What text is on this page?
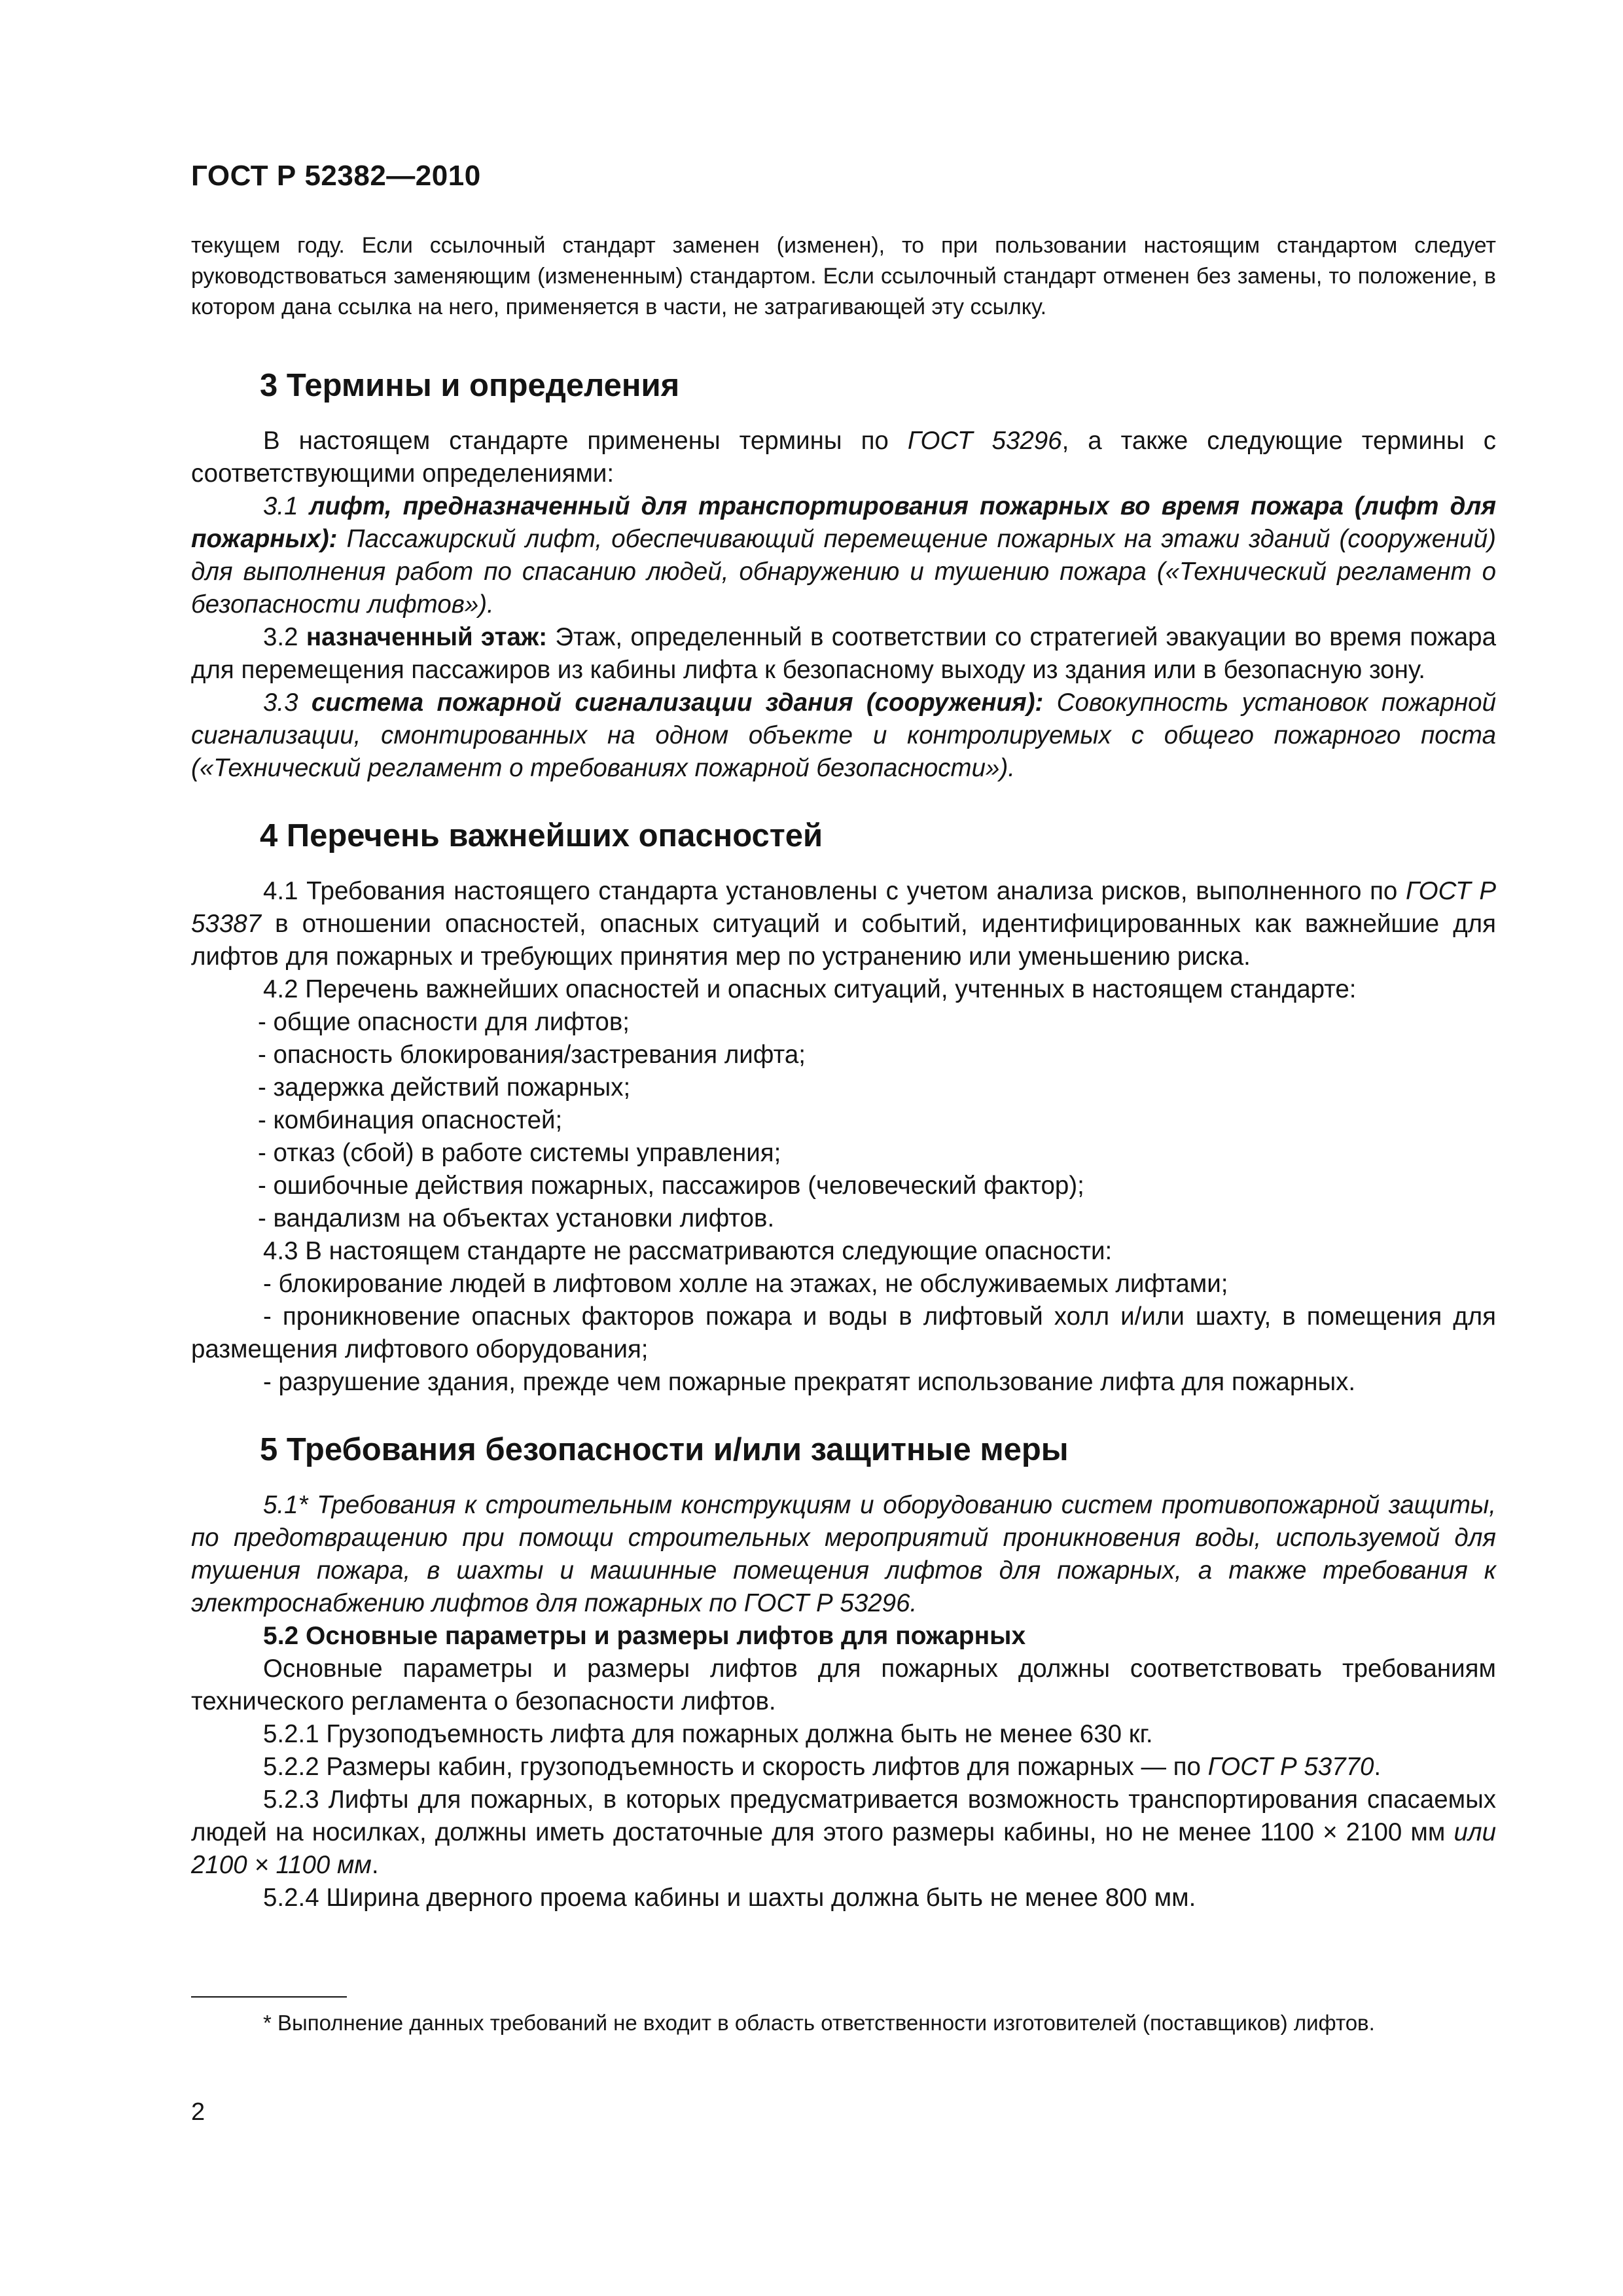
ГОСТ Р 52382—2010

текущем году. Если ссылочный стандарт заменен (изменен), то при пользовании настоящим стандартом следует руководствоваться заменяющим (измененным) стандартом. Если ссылочный стандарт отменен без замены, то положение, в котором дана ссылка на него, применяется в части, не затрагивающей эту ссылку.

3 Термины и определения

В настоящем стандарте применены термины по ГОСТ 53296, а также следующие термины с соответствующими определениями:

3.1 лифт, предназначенный для транспортирования пожарных во время пожара (лифт для пожарных): Пассажирский лифт, обеспечивающий перемещение пожарных на этажи зданий (сооружений) для выполнения работ по спасанию людей, обнаружению и тушению пожара («Технический регламент о безопасности лифтов»).

3.2 назначенный этаж: Этаж, определенный в соответствии со стратегией эвакуации во время пожара для перемещения пассажиров из кабины лифта к безопасному выходу из здания или в безопасную зону.

3.3 система пожарной сигнализации здания (сооружения): Совокупность установок пожарной сигнализации, смонтированных на одном объекте и контролируемых с общего пожарного поста («Технический регламент о требованиях пожарной безопасности»).

4 Перечень важнейших опасностей

4.1 Требования настоящего стандарта установлены с учетом анализа рисков, выполненного по ГОСТ Р 53387 в отношении опасностей, опасных ситуаций и событий, идентифицированных как важнейшие для лифтов для пожарных и требующих принятия мер по устранению или уменьшению риска.

4.2 Перечень важнейших опасностей и опасных ситуаций, учтенных в настоящем стандарте:

- общие опасности для лифтов;

- опасность блокирования/застревания лифта;

- задержка действий пожарных;

- комбинация опасностей;

- отказ (сбой) в работе системы управления;

- ошибочные действия пожарных, пассажиров (человеческий фактор);

- вандализм на объектах установки лифтов.

4.3 В настоящем стандарте не рассматриваются следующие опасности:

- блокирование людей в лифтовом холле на этажах, не обслуживаемых лифтами;

- проникновение опасных факторов пожара и воды в лифтовый холл и/или шахту, в помещения для размещения лифтового оборудования;

- разрушение здания, прежде чем пожарные прекратят использование лифта для пожарных.

5 Требования безопасности и/или защитные меры

5.1* Требования к строительным конструкциям и оборудованию систем противопожарной защиты, по предотвращению при помощи строительных мероприятий проникновения воды, используемой для тушения пожара, в шахты и машинные помещения лифтов для пожарных, а также требования к электроснабжению лифтов для пожарных по ГОСТ Р 53296.

5.2 Основные параметры и размеры лифтов для пожарных

Основные параметры и размеры лифтов для пожарных должны соответствовать требованиям технического регламента о безопасности лифтов.

5.2.1 Грузоподъемность лифта для пожарных должна быть не менее 630 кг.

5.2.2 Размеры кабин, грузоподъемность и скорость лифтов для пожарных — по ГОСТ Р 53770.

5.2.3 Лифты для пожарных, в которых предусматривается возможность транспортирования спасаемых людей на носилках, должны иметь достаточные для этого размеры кабины, но не менее 1100 × 2100 мм или 2100 × 1100 мм.

5.2.4 Ширина дверного проема кабины и шахты должна быть не менее 800 мм.

* Выполнение данных требований не входит в область ответственности изготовителей (поставщиков) лифтов.

2
